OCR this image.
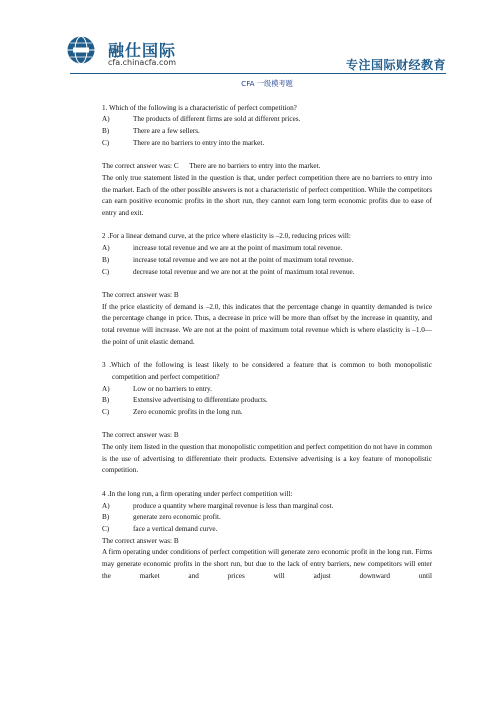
融仕国际
cfa.chinacfa.com	专注国际财经教育
CFA 一级模考题
1. Which of the following is a characteristic of perfect competition?
A)	The products of different firms are sold at different prices.
B)	There are a few sellers.
C)	There are no barriers to entry into the market.
The correct answer was: C      There are no barriers to entry into the market.
The only true statement listed in the question is that, under perfect competition there are no barriers to entry into the market. Each of the other possible answers is not a characteristic of perfect competition. While the competitors can earn positive economic profits in the short run, they cannot earn long term economic profits due to ease of entry and exit.
2 .For a linear demand curve, at the price where elasticity is –2.0, reducing prices will:
A)	increase total revenue and we are at the point of maximum total revenue.
B)	increase total revenue and we are not at the point of maximum total revenue.
C)	decrease total revenue and we are not at the point of maximum total revenue.
The correct answer was: B
If the price elasticity of demand is –2.0, this indicates that the percentage change in quantity demanded is twice the percentage change in price. Thus, a decrease in price will be more than offset by the increase in quantity, and total revenue will increase. We are not at the point of maximum total revenue which is where elasticity is –1.0—the point of unit elastic demand.
3 .Which of the following is least likely to be considered a feature that is common to both monopolistic competition and perfect competition?
A)	Low or no barriers to entry.
B)	Extensive advertising to differentiate products.
C)	Zero economic profits in the long run.
The correct answer was: B
The only item listed in the question that monopolistic competition and perfect competition do not have in common is the use of advertising to differentiate their products. Extensive advertising is a key feature of monopolistic competition.
4 .In the long run, a firm operating under perfect competition will:
A)	produce a quantity where marginal revenue is less than marginal cost.
B)	generate zero economic profit.
C)	face a vertical demand curve.
The correct answer was: B
A firm operating under conditions of perfect competition will generate zero economic profit in the long run. Firms may generate economic profits in the short run, but due to the lack of entry barriers, new competitors will enter the market and prices will adjust downward until
